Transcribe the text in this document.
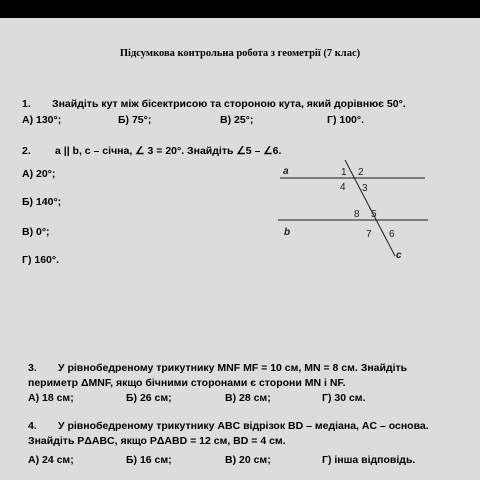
Підсумкова контрольна робота з геометрії (7 клас)
1. Знайдіть кут між бісектрисою та стороною кута, який дорівнює 50°.
А) 130°;	Б) 75°;	В) 25°;	Г) 100°.
2. a || b, c – січна, ∠ 3 = 20°. Знайдіть ∠5 – ∠6.
А) 20°;
Б) 140°;
В) 0°;
Г) 160°.
a
b
c
1 2
4 3
8 5
7 6
3. У рівнобедреному трикутнику MNF MF = 10 см, MN = 8 см. Знайдіть
периметр ΔMNF, якщо бічними сторонами є сторони MN і NF.
А) 18 см;	Б) 26 см;	В) 28 см;	Г) 30 см.
4. У рівнобедреному трикутнику ABC відрізок BD – медіана, AC – основа.
Знайдіть PΔABC, якщо PΔABD = 12 см, BD = 4 см.
А) 24 см;	Б) 16 см;	В) 20 см;	Г) інша відповідь.
